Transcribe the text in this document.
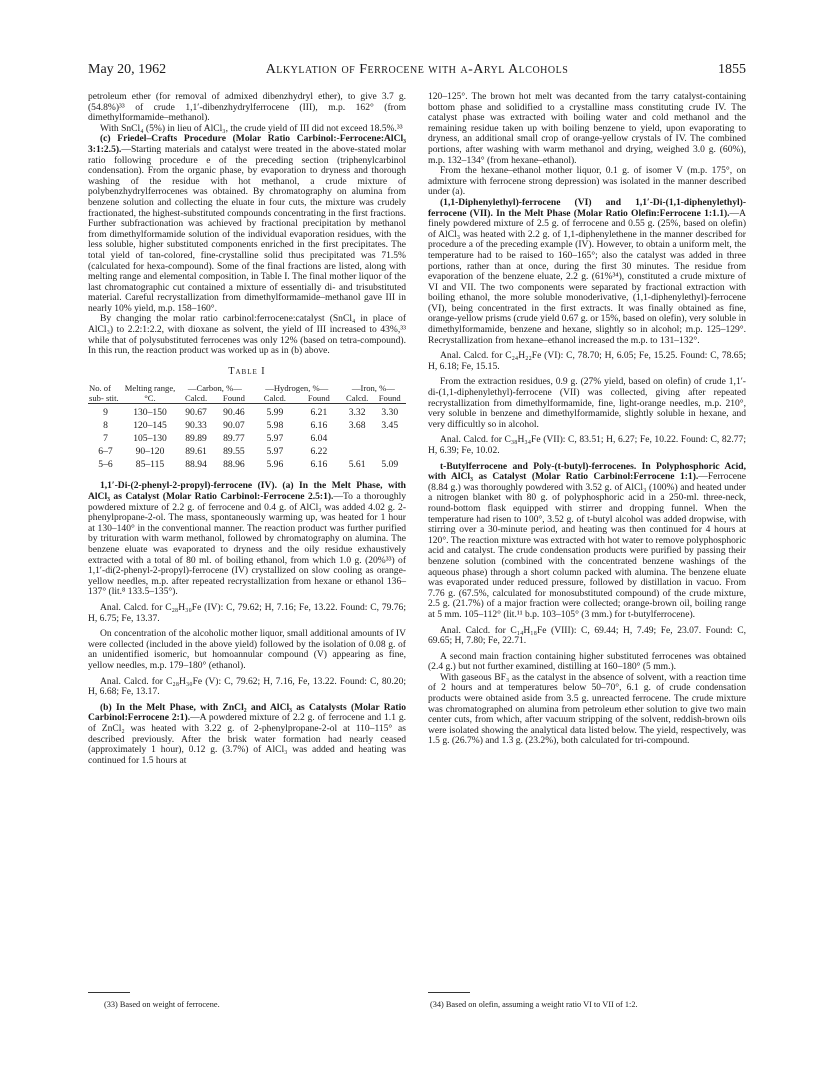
May 20, 1962	Alkylation of Ferrocene with α-Aryl Alcohols	1855

petroleum ether (for removal of admixed dibenzhydryl ether), to give 3.7 g. (54.8%)³³ of crude 1,1′-dibenzhydrylferrocene (III), m.p. 162° (from dimethylformamide–methanol).

With SnCl₄ (5%) in lieu of AlCl₃, the crude yield of III did not exceed 18.5%.³³

(c) Friedel–Crafts Procedure (Molar Ratio Carbinol:-Ferrocene:AlCl₃ 3:1:2.5).—Starting materials and catalyst were treated in the above-stated molar ratio following procedure e of the preceding section (triphenylcarbinol condensation). From the organic phase, by evaporation to dryness and thorough washing of the residue with hot methanol, a crude mixture of polybenzhydrylferrocenes was obtained. By chromatography on alumina from benzene solution and collecting the eluate in four cuts, the mixture was crudely fractionated, the highest-substituted compounds concentrating in the first fractions. Further subfractionation was achieved by fractional precipitation by methanol from dimethylformamide solution of the individual evaporation residues, with the less soluble, higher substituted components enriched in the first precipitates. The total yield of tan-colored, fine-crystalline solid thus precipitated was 71.5% (calculated for hexa-compound). Some of the final fractions are listed, along with melting range and elemental composition, in Table I. The final mother liquor of the last chromatographic cut contained a mixture of essentially di- and trisubstituted material. Careful recrystallization from dimethylformamide–methanol gave III in nearly 10% yield, m.p. 158–160°.

By changing the molar ratio carbinol:ferrocene:catalyst (SnCl₄ in place of AlCl₃) to 2.2:1:2.2, with dioxane as solvent, the yield of III increased to 43%,³³ while that of polysubstituted ferrocenes was only 12% (based on tetra-compound). In this run, the reaction product was worked up as in (b) above.

Table I
No. of sub- stit.	Melting range, °C.	—Carbon, %—		—Hydrogen, %—		—Iron, %—	
		Calcd.	Found	Calcd.	Found	Calcd.	Found

9	130–150	90.67	90.46	5.99	6.21	3.32	3.30
8	120–145	90.33	90.07	5.98	6.16	3.68	3.45
7	105–130	89.89	89.77	5.97	6.04		
6–7	90–120	89.61	89.55	5.97	6.22		
5–6	85–115	88.94	88.96	5.96	6.16	5.61	5.09

1,1′-Di-(2-phenyl-2-propyl)-ferrocene (IV). (a) In the Melt Phase, with AlCl₃ as Catalyst (Molar Ratio Carbinol:-Ferrocene 2.5:1).—To a thoroughly powdered mixture of 2.2 g. of ferrocene and 0.4 g. of AlCl₃ was added 4.02 g. 2-phenylpropane-2-ol. The mass, spontaneously warming up, was heated for 1 hour at 130–140° in the conventional manner. The reaction product was further purified by trituration with warm methanol, followed by chromatography on alumina. The benzene eluate was evaporated to dryness and the oily residue exhaustively extracted with a total of 80 ml. of boiling ethanol, from which 1.0 g. (20%³³) of 1,1′-di(2-phenyl-2-propyl)-ferrocene (IV) crystallized on slow cooling as orange-yellow needles, m.p. after repeated recrystallization from hexane or ethanol 136–137° (lit.⁸ 133.5–135°).

Anal. Calcd. for C₂₈H₃₀Fe (IV): C, 79.62; H, 7.16; Fe, 13.22. Found: C, 79.76; H, 6.75; Fe, 13.37.

On concentration of the alcoholic mother liquor, small additional amounts of IV were collected (included in the above yield) followed by the isolation of 0.08 g. of an unidentified isomeric, but homoannular compound (V) appearing as fine, yellow needles, m.p. 179–180° (ethanol).

Anal. Calcd. for C₂₈H₃₀Fe (V): C, 79.62; H, 7.16, Fe, 13.22. Found: C, 80.20; H, 6.68; Fe, 13.17.

(b) In the Melt Phase, with ZnCl₂ and AlCl₃ as Catalysts (Molar Ratio Carbinol:Ferrocene 2:1).—A powdered mixture of 2.2 g. of ferrocene and 1.1 g. of ZnCl₂ was heated with 3.22 g. of 2-phenylpropane-2-ol at 110–115° as described previously. After the brisk water formation had nearly ceased (approximately 1 hour), 0.12 g. (3.7%) of AlCl₃ was added and heating was continued for 1.5 hours at

120–125°. The brown hot melt was decanted from the tarry catalyst-containing bottom phase and solidified to a crystalline mass constituting crude IV. The catalyst phase was extracted with boiling water and cold methanol and the remaining residue taken up with boiling benzene to yield, upon evaporating to dryness, an additional small crop of orange-yellow crystals of IV. The combined portions, after washing with warm methanol and drying, weighed 3.0 g. (60%), m.p. 132–134° (from hexane–ethanol).

From the hexane–ethanol mother liquor, 0.1 g. of isomer V (m.p. 175°, on admixture with ferrocene strong depression) was isolated in the manner described under (a).

(1,1-Diphenylethyl)-ferrocene (VI) and 1,1′-Di-(1,1-diphenylethyl)-ferrocene (VII). In the Melt Phase (Molar Ratio Olefin:Ferrocene 1:1.1).—A finely powdered mixture of 2.5 g. of ferrocene and 0.55 g. (25%, based on olefin) of AlCl₃ was heated with 2.2 g. of 1,1-diphenylethene in the manner described for procedure a of the preceding example (IV). However, to obtain a uniform melt, the temperature had to be raised to 160–165°; also the catalyst was added in three portions, rather than at once, during the first 30 minutes. The residue from evaporation of the benzene eluate, 2.2 g. (61%³⁴), constituted a crude mixture of VI and VII. The two components were separated by fractional extraction with boiling ethanol, the more soluble monoderivative, (1,1-diphenylethyl)-ferrocene (VI), being concentrated in the first extracts. It was finally obtained as fine, orange-yellow prisms (crude yield 0.67 g. or 15%, based on olefin), very soluble in dimethylformamide, benzene and hexane, slightly so in alcohol; m.p. 125–129°. Recrystallization from hexane–ethanol increased the m.p. to 131–132°.

Anal. Calcd. for C₂₄H₂₂Fe (VI): C, 78.70; H, 6.05; Fe, 15.25. Found: C, 78.65; H, 6.18; Fe, 15.15.

From the extraction residues, 0.9 g. (27% yield, based on olefin) of crude 1,1′-di-(1,1-diphenylethyl)-ferrocene (VII) was collected, giving after repeated recrystallization from dimethylformamide, fine, light-orange needles, m.p. 210°, very soluble in benzene and dimethylformamide, slightly soluble in hexane, and very difficultly so in alcohol.

Anal. Calcd. for C₃₈H₃₄Fe (VII): C, 83.51; H, 6.27; Fe, 10.22. Found: C, 82.77; H, 6.39; Fe, 10.02.

t-Butylferrocene and Poly-(t-butyl)-ferrocenes. In Polyphosphoric Acid, with AlCl₃ as Catalyst (Molar Ratio Carbinol:Ferrocene 1:1).—Ferrocene (8.84 g.) was thoroughly powdered with 3.52 g. of AlCl₃ (100%) and heated under a nitrogen blanket with 80 g. of polyphosphoric acid in a 250-ml. three-neck, round-bottom flask equipped with stirrer and dropping funnel. When the temperature had risen to 100°, 3.52 g. of t-butyl alcohol was added dropwise, with stirring over a 30-minute period, and heating was then continued for 4 hours at 120°. The reaction mixture was extracted with hot water to remove polyphosphoric acid and catalyst. The crude condensation products were purified by passing their benzene solution (combined with the concentrated benzene washings of the aqueous phase) through a short column packed with alumina. The benzene eluate was evaporated under reduced pressure, followed by distillation in vacuo. From 7.76 g. (67.5%, calculated for monosubstituted compound) of the crude mixture, 2.5 g. (21.7%) of a major fraction were collected; orange-brown oil, boiling range at 5 mm. 105–112° (lit.¹¹ b.p. 103–105° (3 mm.) for t-butylferrocene).

Anal. Calcd. for C₁₄H₁₈Fe (VIII): C, 69.44; H, 7.49; Fe, 23.07. Found: C, 69.65; H, 7.80; Fe, 22.71.

A second main fraction containing higher substituted ferrocenes was obtained (2.4 g.) but not further examined, distilling at 160–180° (5 mm.).

With gaseous BF₃ as the catalyst in the absence of solvent, with a reaction time of 2 hours and at temperatures below 50–70°, 6.1 g. of crude condensation products were obtained aside from 3.5 g. unreacted ferrocene. The crude mixture was chromatographed on alumina from petroleum ether solution to give two main center cuts, from which, after vacuum stripping of the solvent, reddish-brown oils were isolated showing the analytical data listed below. The yield, respectively, was 1.5 g. (26.7%) and 1.3 g. (23.2%), both calculated for tri-compound.

(33) Based on weight of ferrocene.	(34) Based on olefin, assuming a weight ratio VI to VII of 1:2.
